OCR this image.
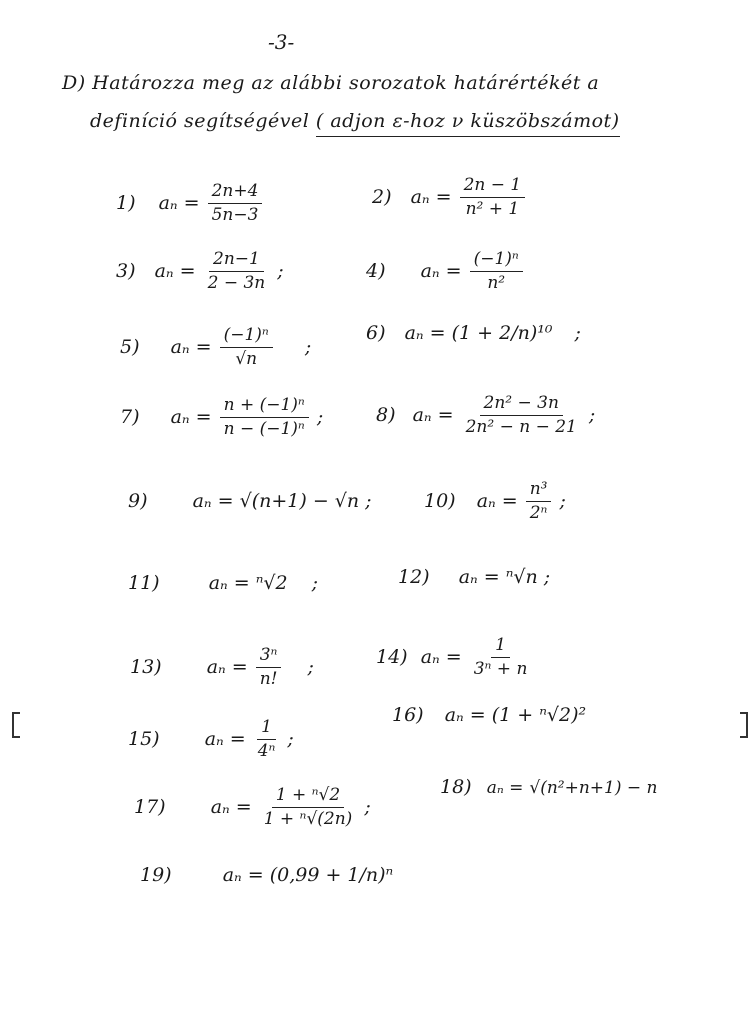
-3-
D) Határozza meg az alábbi sorozatok határértékét a
definíció segítségével ( adjon ε-hoz ν küszöbszámot)
1) $a_n = \frac{2n+4}{5n-3}$	2) $a_n = \frac{2n - 1}{\text{n² + 1}}$
3) $a_n = \frac{2n-1}{2 - 3n}$ ;	4) $a_n = \frac{\text{(−1)ⁿ}}{\text{n²}}$
5) $a_n = \frac{\text{(−1)ⁿ}}{√n}$ ;
6) aₙ = (1 + 2/n)¹⁰ ;
7) $a_n = \frac{\text{n + (−1)ⁿ}}{\text{n − (−1)ⁿ}}$ ;	8) $a_n = \frac{\text{2n² − 3n}}{\text{2n² − n − 21}}$ ;
9) aₙ = √(n+1) − √n ;	10) $a_n = \frac{\text{n³}}{\text{2ⁿ}}$ ;
11)	aₙ = ⁿ√2 ;	12) aₙ = ⁿ√n ;
13) $a_n = \frac{\text{3ⁿ}}{n!}$ ;	14) $a_n = \frac{1}{\text{3ⁿ + n}}$
15) $a_n = \frac{1}{\text{4ⁿ}}$ ;
16) aₙ = (1 + ⁿ√2)²
17) $a_n = \frac{\text{1 + ⁿ√2}}{\text{1 + ⁿ√(2n)}}$ ;
18) aₙ = √(n²+n+1) − n
19)	aₙ = (0,99 + 1/n)ⁿ
